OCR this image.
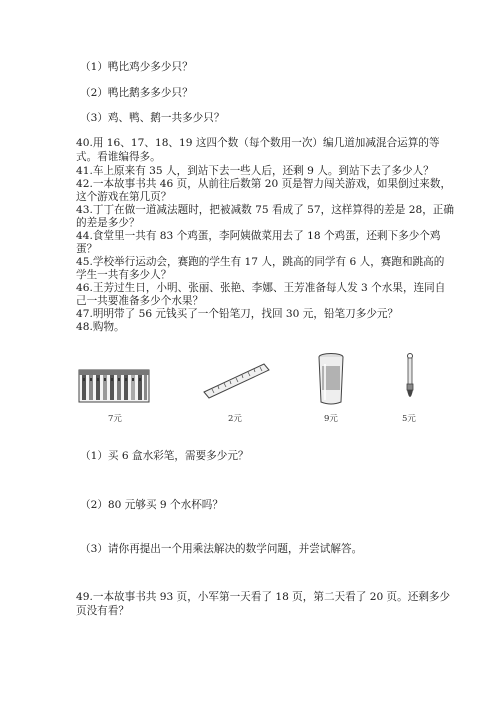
（1）鸭比鸡少多少只？
（2）鸭比鹅多多少只？
（3）鸡、鸭、鹅一共多少只？
40.用 16、17、18、19 这四个数（每个数用一次）编几道加减混合运算的等
式。看谁编得多。
41.车上原来有 35 人，到站下去一些人后，还剩 9 人。到站下去了多少人？
42.一本故事书共 46 页，从前往后数第 20 页是智力闯关游戏，如果倒过来数，
这个游戏在第几页？
43.丁丁在做一道减法题时，把被减数 75 看成了 57，这样算得的差是 28，正确
的差是多少？
44.食堂里一共有 83 个鸡蛋，李阿姨做菜用去了 18 个鸡蛋，还剩下多少个鸡
蛋？
45.学校举行运动会，赛跑的学生有 17 人，跳高的同学有 6 人，赛跑和跳高的
学生一共有多少人？
46.王芳过生日，小明、张丽、张艳、李娜、王芳准备每人发 3 个水果，连同自
己一共要准备多少个水果？
47.明明带了 56 元钱买了一个铅笔刀，找回 30 元，铅笔刀多少元？
48.购物。
7元	2元	9元	5元
（1）买 6 盒水彩笔，需要多少元？
（2）80 元够买 9 个水杯吗？
（3）请你再提出一个用乘法解决的数学问题，并尝试解答。
49.一本故事书共 93 页，小军第一天看了 18 页，第二天看了 20 页。还剩多少
页没有看？
